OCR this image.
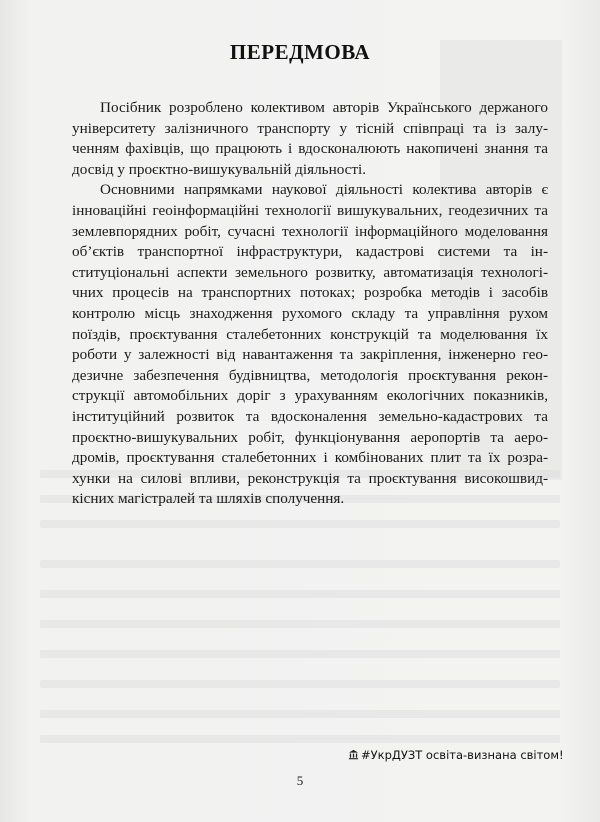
ПЕРЕДМОВА

Посібник розроблено колективом авторів Українського держаного університету залізничного транспорту у тісній співпраці та із залученням фахівців, що працюють і вдосконалюють накопичені знання та досвід у проєктно-вишукувальній діяльності.

Основними напрямками наукової діяльності колектива авторів є інноваційні геоінформаційні технології вишукувальних, геодезичних та землевпорядних робіт, сучасні технології інформаційного моделовання об’єктів транспортної інфраструктури, кадастрові системи та інституціональні аспекти земельного розвитку, автоматизація технологічних процесів на транспортних потоках; розробка методів і засобів контролю місць знаходження рухомого складу та управління рухом поїздів, проєктування сталебетонних конструкцій та моделювання їх роботи у залежності від навантаження та закріплення, інженерно геодезичне забезпечення будівництва, методологія проєктування реконструкції автомобільних доріг з урахуванням екологічних показників, інституційний розвиток та вдосконалення земельно-кадастрових та проєктно-вишукувальних робіт, функціонування аеропортів та аеродромів, проєктування сталебетонних і комбінованих плит та їх розрахунки на силові впливи, реконструкція та проєктування високошвидкісних магістралей та шляхів сполучення.

#УкрДУЗТ освіта-визнана світом!
5
